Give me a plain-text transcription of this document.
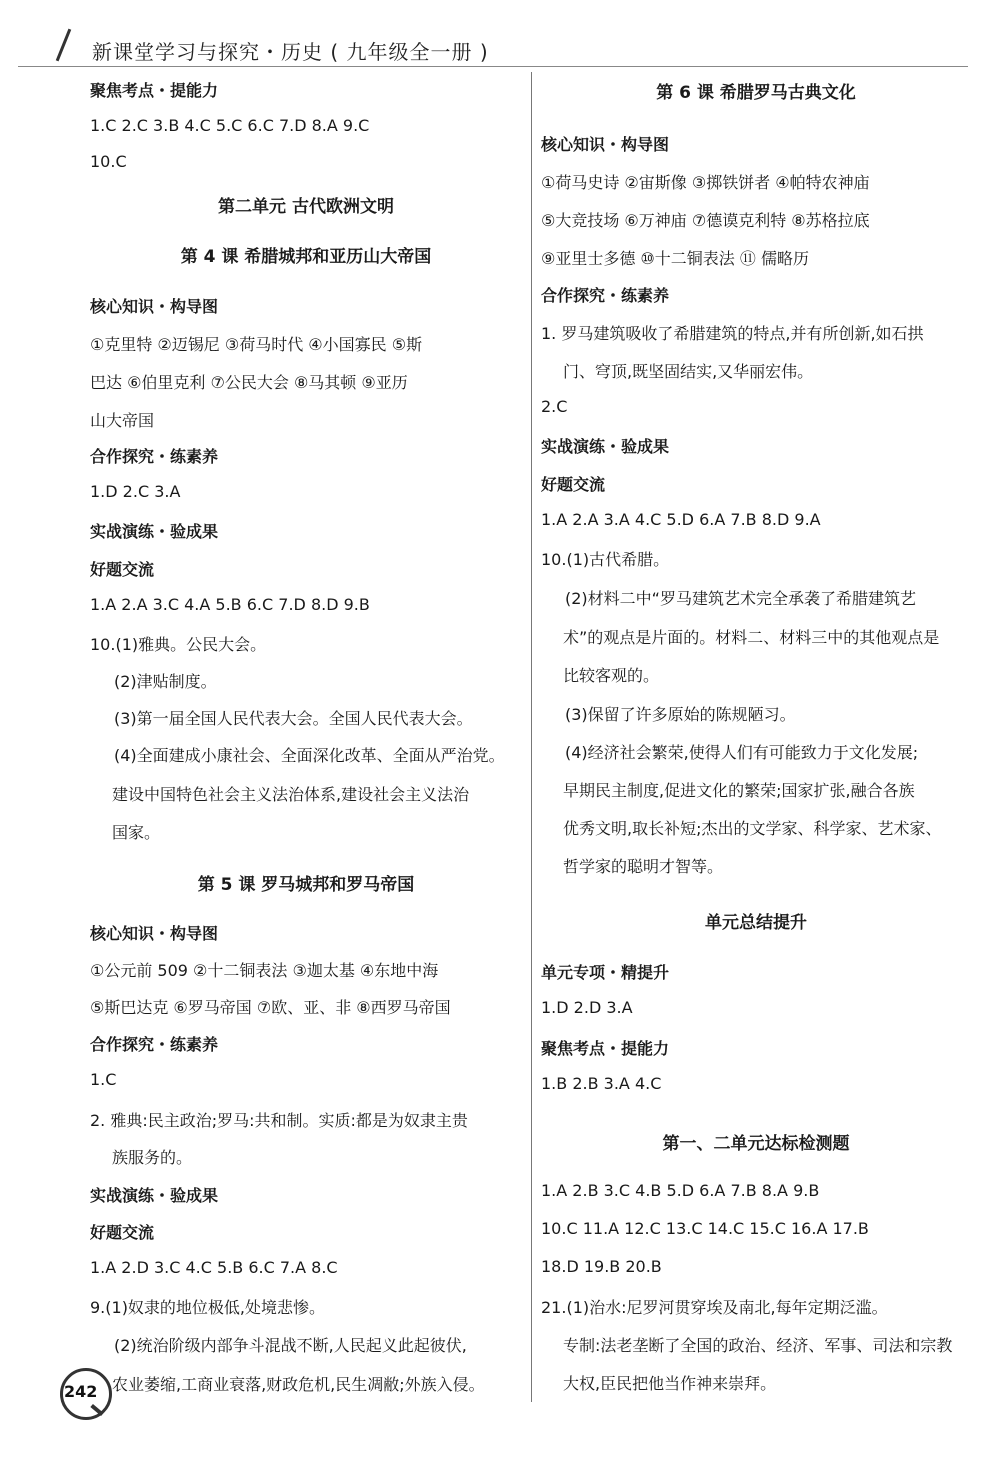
新课堂学习与探究・历史 ( 九年级全一册 )
聚焦考点・提能力
1.C 2.C 3.B 4.C 5.C 6.C 7.D 8.A 9.C
10.C
第二单元 古代欧洲文明
第 4 课 希腊城邦和亚历山大帝国
核心知识・构导图
①克里特 ②迈锡尼 ③荷马时代 ④小国寡民 ⑤斯
巴达 ⑥伯里克利 ⑦公民大会 ⑧马其顿 ⑨亚历
山大帝国
合作探究・练素养
1.D 2.C 3.A
实战演练・验成果
好题交流
1.A 2.A 3.C 4.A 5.B 6.C 7.D 8.D 9.B
10.(1)雅典。公民大会。
(2)津贴制度。
(3)第一届全国人民代表大会。全国人民代表大会。
(4)全面建成小康社会、全面深化改革、全面从严治党。
建设中国特色社会主义法治体系,建设社会主义法治
国家。
第 5 课 罗马城邦和罗马帝国
核心知识・构导图
①公元前 509 ②十二铜表法 ③迦太基 ④东地中海
⑤斯巴达克 ⑥罗马帝国 ⑦欧、亚、非 ⑧西罗马帝国
合作探究・练素养
1.C
2. 雅典:民主政治;罗马:共和制。实质:都是为奴隶主贵
族服务的。
实战演练・验成果
好题交流
1.A 2.D 3.C 4.C 5.B 6.C 7.A 8.C
9.(1)奴隶的地位极低,处境悲惨。
(2)统治阶级内部争斗混战不断,人民起义此起彼伏,
农业萎缩,工商业衰落,财政危机,民生凋敝;外族入侵。
第 6 课 希腊罗马古典文化
核心知识・构导图
①荷马史诗 ②宙斯像 ③掷铁饼者 ④帕特农神庙
⑤大竞技场 ⑥万神庙 ⑦德谟克利特 ⑧苏格拉底
⑨亚里士多德 ⑩十二铜表法 ⑪ 儒略历
合作探究・练素养
1. 罗马建筑吸收了希腊建筑的特点,并有所创新,如石拱
门、穹顶,既坚固结实,又华丽宏伟。
2.C
实战演练・验成果
好题交流
1.A 2.A 3.A 4.C 5.D 6.A 7.B 8.D 9.A
10.(1)古代希腊。
(2)材料二中“罗马建筑艺术完全承袭了希腊建筑艺
术”的观点是片面的。材料二、材料三中的其他观点是
比较客观的。
(3)保留了许多原始的陈规陋习。
(4)经济社会繁荣,使得人们有可能致力于文化发展;
早期民主制度,促进文化的繁荣;国家扩张,融合各族
优秀文明,取长补短;杰出的文学家、科学家、艺术家、
哲学家的聪明才智等。
单元总结提升
单元专项・精提升
1.D 2.D 3.A
聚焦考点・提能力
1.B 2.B 3.A 4.C
第一、二单元达标检测题
1.A 2.B 3.C 4.B 5.D 6.A 7.B 8.A 9.B
10.C 11.A 12.C 13.C 14.C 15.C 16.A 17.B
18.D 19.B 20.B
21.(1)治水:尼罗河贯穿埃及南北,每年定期泛滥。
专制:法老垄断了全国的政治、经济、军事、司法和宗教
大权,臣民把他当作神来崇拜。
242
